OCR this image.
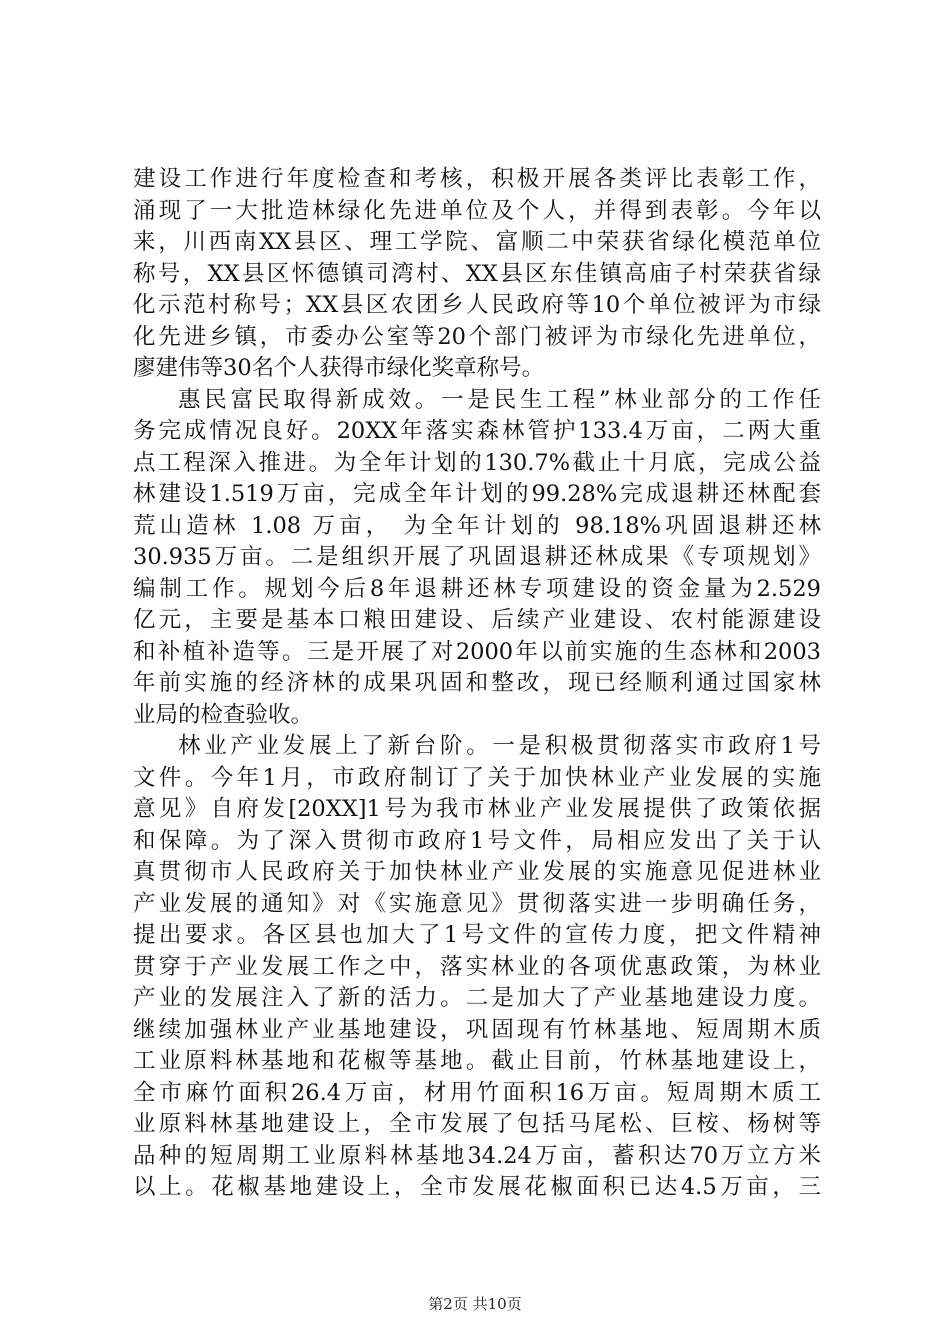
建设工作进行年度检查和考核，积极开展各类评比表彰工作，
涌现了一大批造林绿化先进单位及个人，并得到表彰。今年以
来，川西南XX县区、理工学院、富顺二中荣获省绿化模范单位
称号，XX县区怀德镇司湾村、XX县区东佳镇高庙子村荣获省绿
化示范村称号；XX县区农团乡人民政府等10个单位被评为市绿
化先进乡镇，市委办公室等20个部门被评为市绿化先进单位，
廖建伟等30名个人获得市绿化奖章称号。
惠民富民取得新成效。一是民生工程”林业部分的工作任
务完成情况良好。20XX年落实森林管护133.4万亩，二两大重
点工程深入推进。为全年计划的130.7%截止十月底，完成公益
林建设1.519万亩，完成全年计划的99.28%完成退耕还林配套
荒山造林 1.08 万亩， 为全年计划的 98.18%巩固退耕还林
30.935万亩。二是组织开展了巩固退耕还林成果《专项规划》
编制工作。规划今后8年退耕还林专项建设的资金量为2.529
亿元，主要是基本口粮田建设、后续产业建设、农村能源建设
和补植补造等。三是开展了对2000年以前实施的生态林和2003
年前实施的经济林的成果巩固和整改，现已经顺利通过国家林
业局的检查验收。
林业产业发展上了新台阶。一是积极贯彻落实市政府1号
文件。今年1月，市政府制订了关于加快林业产业发展的实施
意见》自府发[20XX]1号为我市林业产业发展提供了政策依据
和保障。为了深入贯彻市政府1号文件，局相应发出了关于认
真贯彻市人民政府关于加快林业产业发展的实施意见促进林业
产业发展的通知》对《实施意见》贯彻落实进一步明确任务，
提出要求。各区县也加大了1号文件的宣传力度，把文件精神
贯穿于产业发展工作之中，落实林业的各项优惠政策，为林业
产业的发展注入了新的活力。二是加大了产业基地建设力度。
继续加强林业产业基地建设，巩固现有竹林基地、短周期木质
工业原料林基地和花椒等基地。截止目前，竹林基地建设上，
全市麻竹面积26.4万亩，材用竹面积16万亩。短周期木质工
业原料林基地建设上，全市发展了包括马尾松、巨桉、杨树等
品种的短周期工业原料林基地34.24万亩，蓄积达70万立方米
以上。花椒基地建设上，全市发展花椒面积已达4.5万亩，三
第2页 共10页
